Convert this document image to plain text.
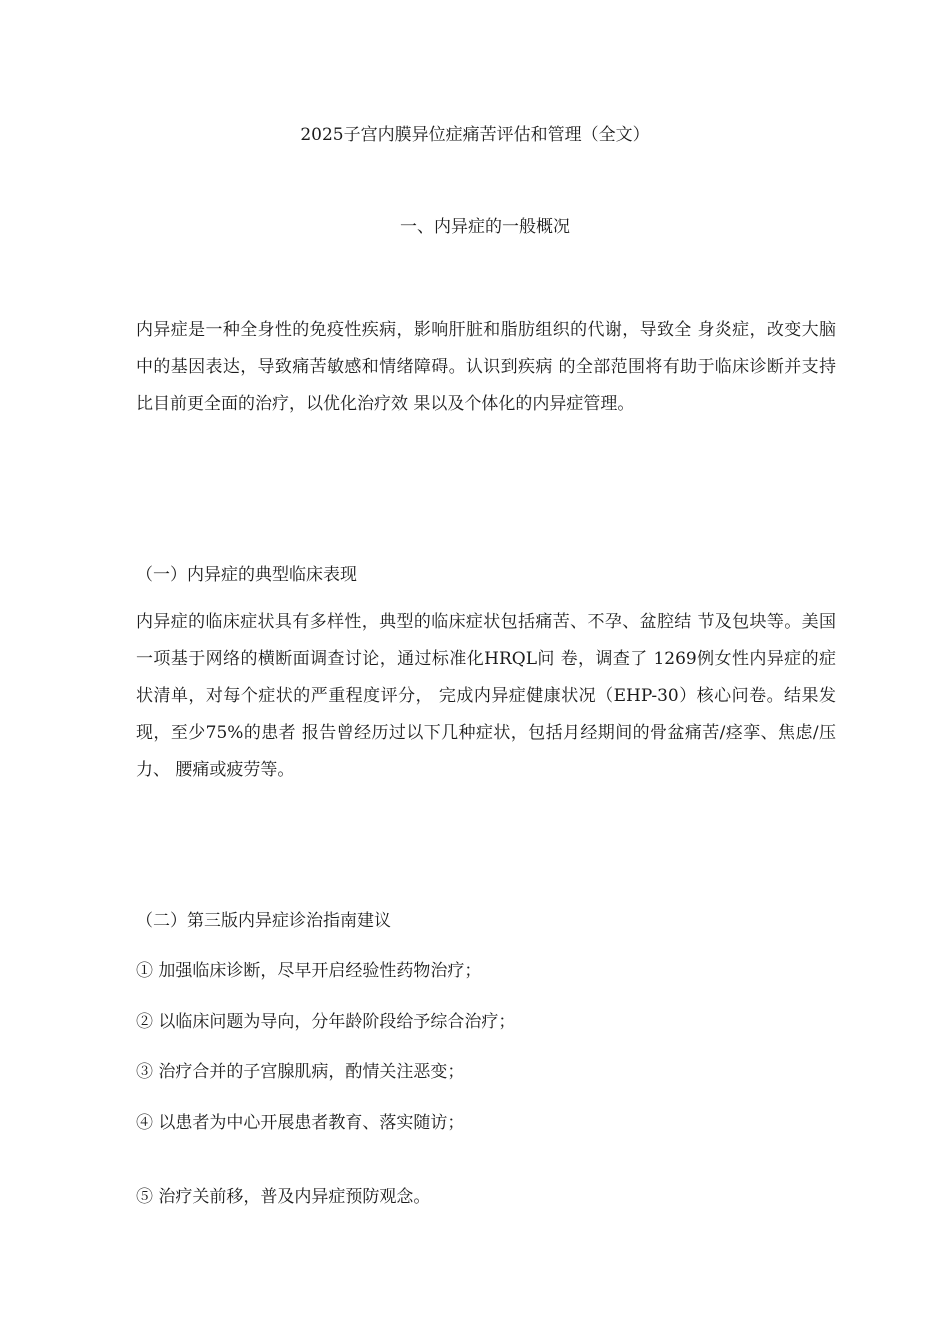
2025子宫内膜异位症痛苦评估和管理（全文）
一、内异症的一般概况

内异症是一种全身性的免疫性疾病，影响肝脏和脂肪组织的代谢，导致全 身炎症，改变大脑中的基因表达，导致痛苦敏感和情绪障碍。认识到疾病 的全部范围将有助于临床诊断并支持比目前更全面的治疗，以优化治疗效 果以及个体化的内异症管理。

（一）内异症的典型临床表现

内异症的临床症状具有多样性，典型的临床症状包括痛苦、不孕、盆腔结 节及包块等。美国一项基于网络的横断面调查讨论，通过标准化HRQL问 卷，调查了 1269例女性内异症的症状清单，对每个症状的严重程度评分， 完成内异症健康状况（EHP-30）核心问卷。结果发现，至少75%的患者 报告曾经历过以下几种症状，包括月经期间的骨盆痛苦/痉挛、焦虑/压力、 腰痛或疲劳等。

（二）第三版内异症诊治指南建议

① 加强临床诊断，尽早开启经验性药物治疗；

② 以临床问题为导向，分年龄阶段给予综合治疗；

③ 治疗合并的子宫腺肌病，酌情关注恶变；

④ 以患者为中心开展患者教育、落实随访；

⑤ 治疗关前移，普及内异症预防观念。
